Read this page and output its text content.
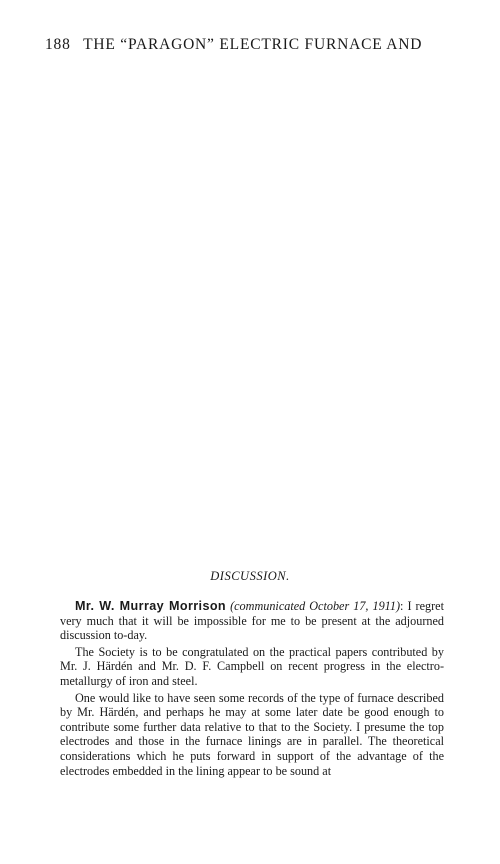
188 THE “PARAGON” ELECTRIC FURNACE AND
DISCUSSION.

Mr. W. Murray Morrison (communicated October 17, 1911): I regret very much that it will be impossible for me to be present at the adjourned discussion to-day.

The Society is to be congratulated on the practical papers contributed by Mr. J. Härdén and Mr. D. F. Campbell on recent progress in the electro-metallurgy of iron and steel.

One would like to have seen some records of the type of furnace described by Mr. Härdén, and perhaps he may at some later date be good enough to contribute some further data relative to that to the Society. I presume the top electrodes and those in the furnace linings are in parallel. The theoretical considerations which he puts forward in support of the advantage of the electrodes embedded in the lining appear to be sound at
